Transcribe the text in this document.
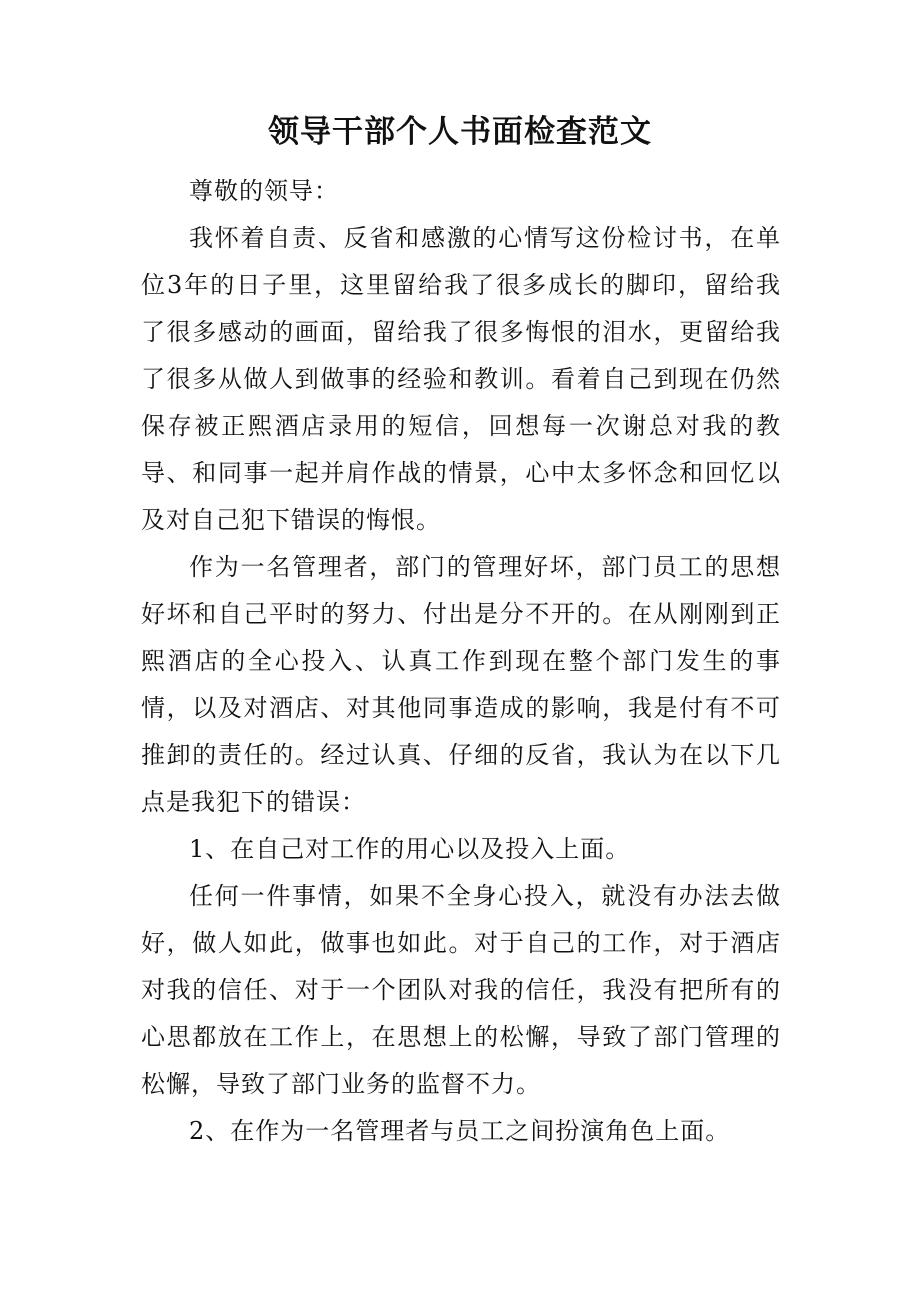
领导干部个人书面检查范文

尊敬的领导：

我怀着自责、反省和感激的心情写这份检讨书，在单位3年的日子里，这里留给我了很多成长的脚印，留给我了很多感动的画面，留给我了很多悔恨的泪水，更留给我了很多从做人到做事的经验和教训。看着自己到现在仍然保存被正熙酒店录用的短信，回想每一次谢总对我的教导、和同事一起并肩作战的情景，心中太多怀念和回忆以及对自己犯下错误的悔恨。

作为一名管理者，部门的管理好坏，部门员工的思想好坏和自己平时的努力、付出是分不开的。在从刚刚到正熙酒店的全心投入、认真工作到现在整个部门发生的事情，以及对酒店、对其他同事造成的影响，我是付有不可推卸的责任的。经过认真、仔细的反省，我认为在以下几点是我犯下的错误：

1、在自己对工作的用心以及投入上面。

任何一件事情，如果不全身心投入，就没有办法去做好，做人如此，做事也如此。对于自己的工作，对于酒店对我的信任、对于一个团队对我的信任，我没有把所有的心思都放在工作上，在思想上的松懈，导致了部门管理的松懈，导致了部门业务的监督不力。

2、在作为一名管理者与员工之间扮演角色上面。
